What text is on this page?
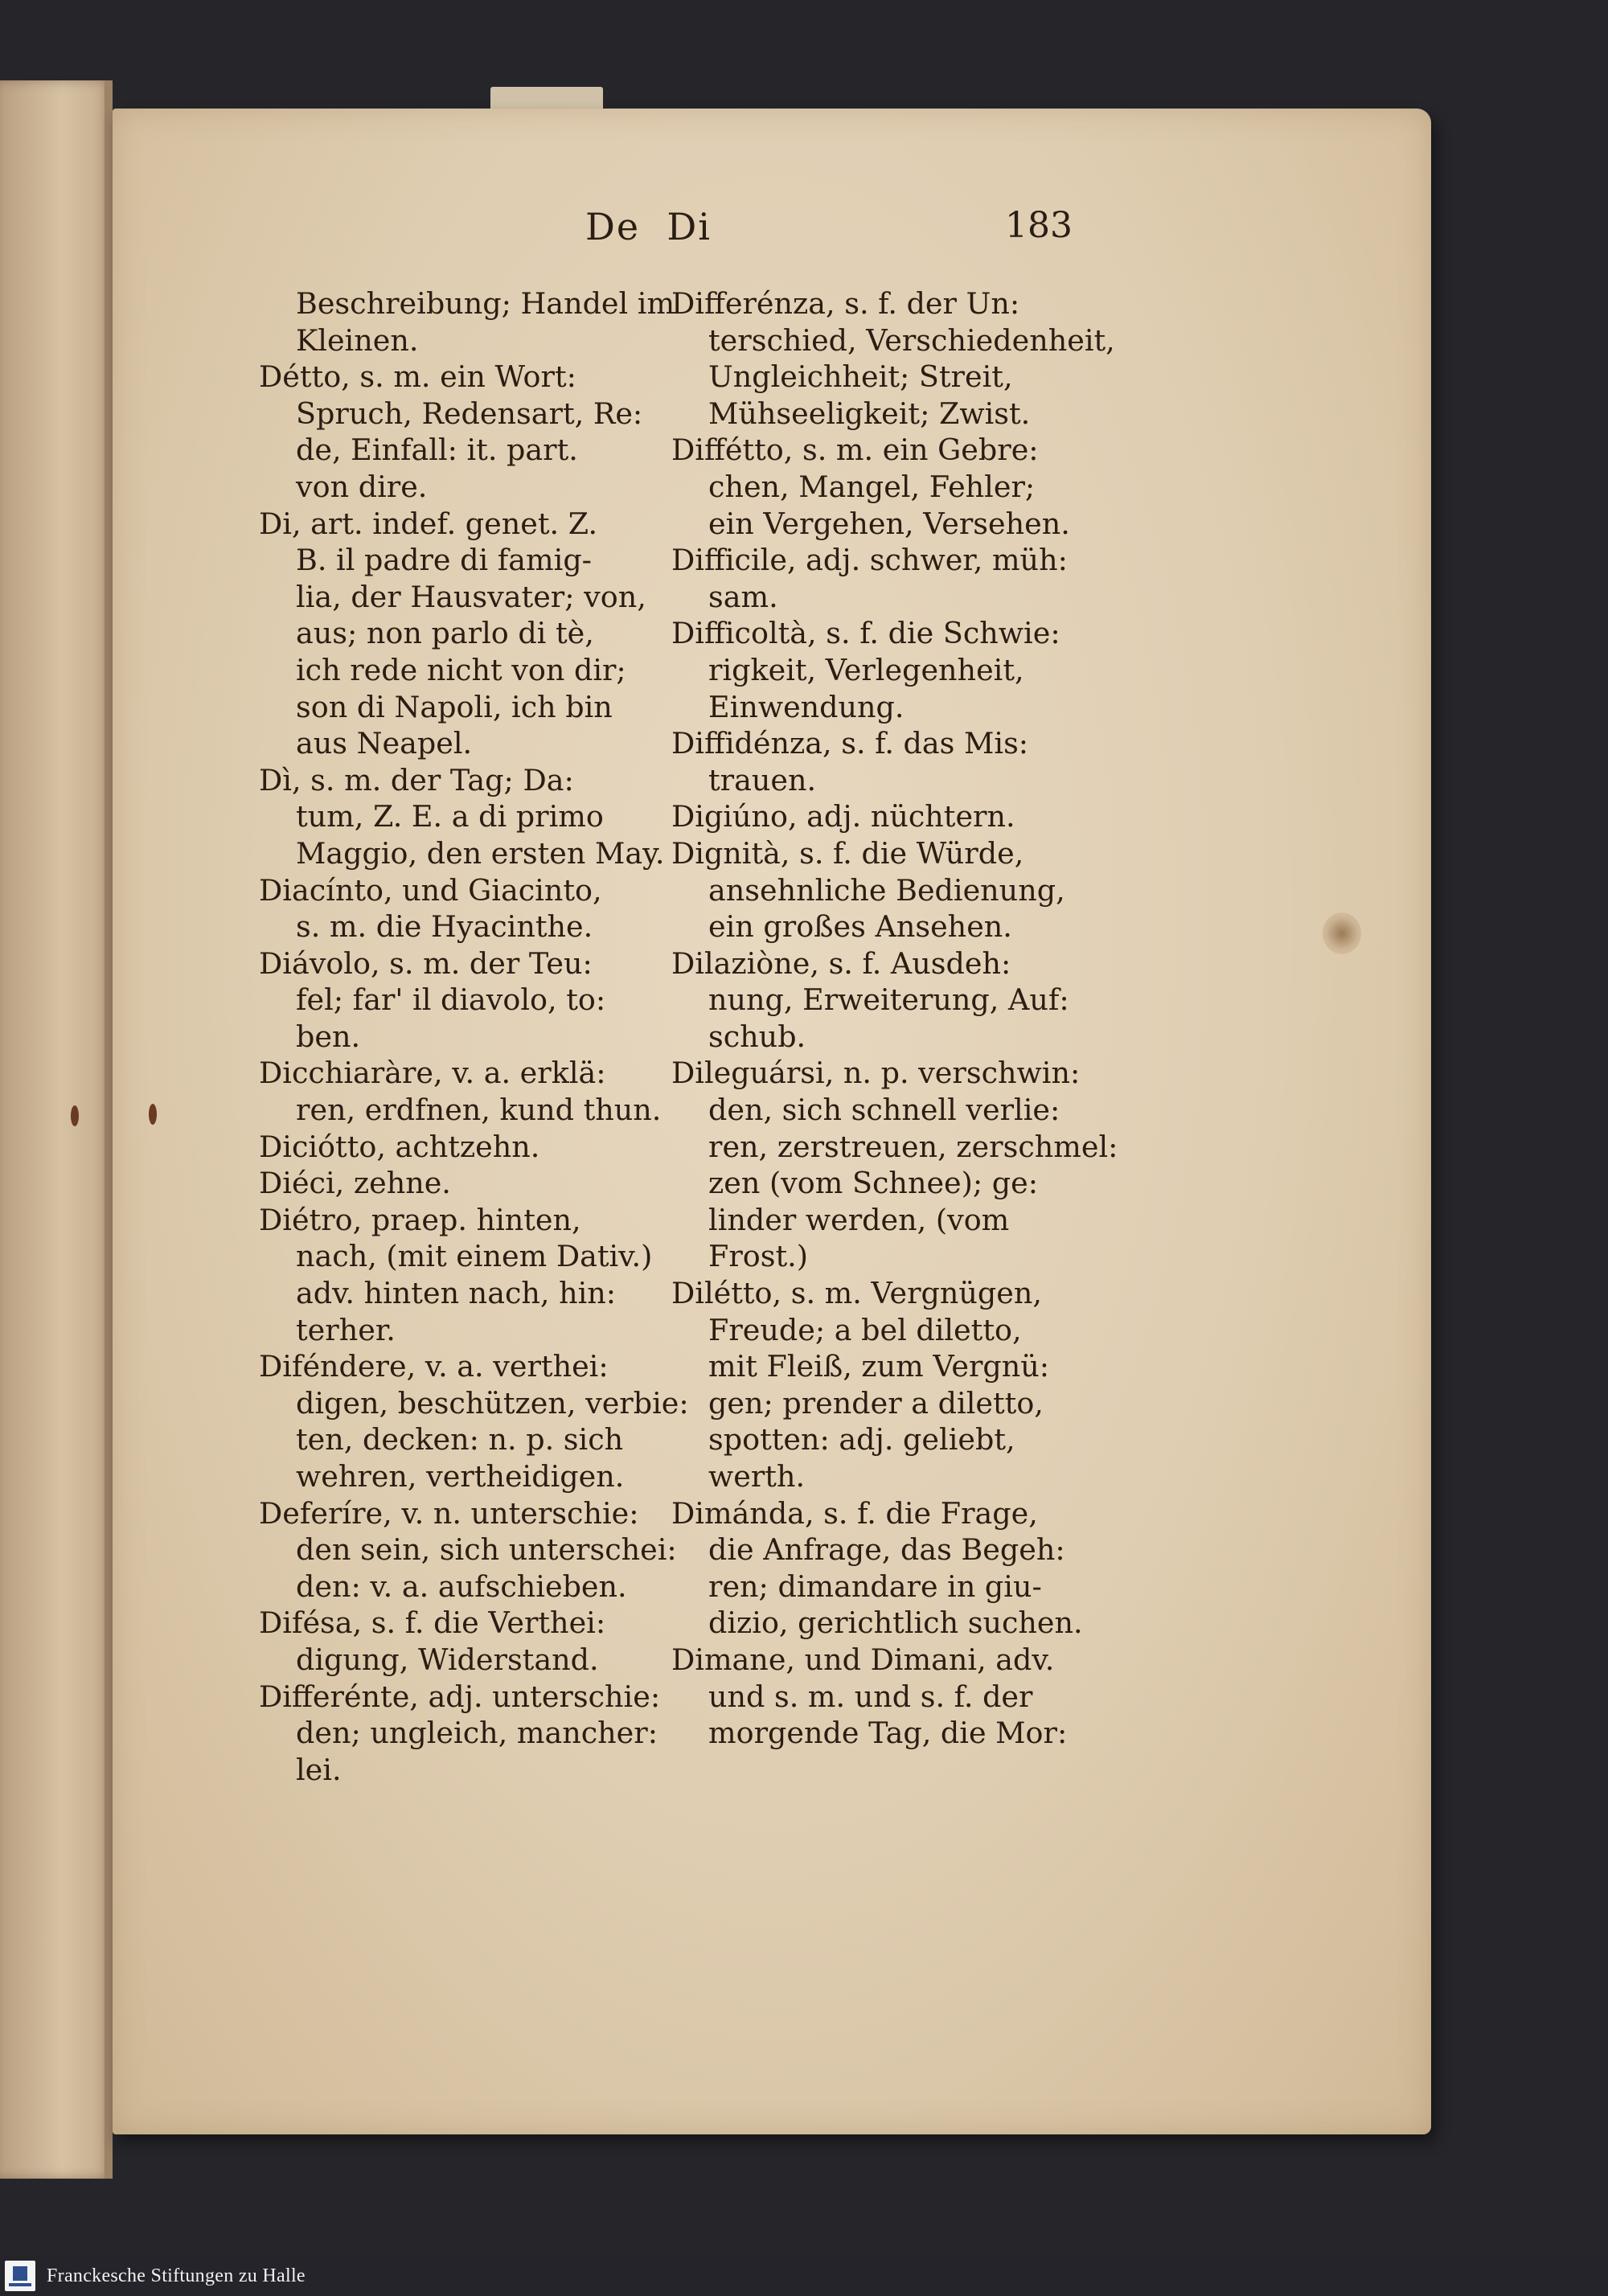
De  Di	183
Beschreibung; Handel im
Kleinen.
Détto, s. m. ein Wort:
Spruch, Redensart, Re:
de, Einfall: it. part.
von dire.
Di, art. indef. genet. Z.
B. il padre di famig-
lia, der Hausvater; von,
aus; non parlo di tè,
ich rede nicht von dir;
son di Napoli, ich bin
aus Neapel.
Dì, s. m. der Tag; Da:
tum, Z. E. a di primo
Maggio, den ersten May.
Diacínto, und Giacinto,
s. m. die Hyacinthe.
Diávolo, s. m. der Teu:
fel; far' il diavolo, to:
ben.
Dicchiaràre, v. a. erklä:
ren, erdfnen, kund thun.
Diciótto, achtzehn.
Diéci, zehne.
Diétro, praep. hinten,
nach, (mit einem Dativ.)
adv. hinten nach, hin:
terher.
Diféndere, v. a. verthei:
digen, beschützen, verbie:
ten, decken: n. p. sich
wehren, vertheidigen.
Deferíre, v. n. unterschie:
den sein, sich unterschei:
den: v. a. aufschieben.
Difésa, s. f. die Verthei:
digung, Widerstand.
Differénte, adj. unterschie:
den; ungleich, mancher:
lei.
Differénza, s. f. der Un:
terschied, Verschiedenheit,
Ungleichheit; Streit,
Mühseeligkeit; Zwist.
Diffétto, s. m. ein Gebre:
chen, Mangel, Fehler;
ein Vergehen, Versehen.
Difficile, adj. schwer, müh:
sam.
Difficoltà, s. f. die Schwie:
rigkeit, Verlegenheit,
Einwendung.
Diffidénza, s. f. das Mis:
trauen.
Digiúno, adj. nüchtern.
Dignità, s. f. die Würde,
ansehnliche Bedienung,
ein großes Ansehen.
Dilaziòne, s. f. Ausdeh:
nung, Erweiterung, Auf:
schub.
Dileguársi, n. p. verschwin:
den, sich schnell verlie:
ren, zerstreuen, zerschmel:
zen (vom Schnee); ge:
linder werden, (vom
Frost.)
Dilétto, s. m. Vergnügen,
Freude; a bel diletto,
mit Fleiß, zum Vergnü:
gen; prender a diletto,
spotten: adj. geliebt,
werth.
Dimánda, s. f. die Frage,
die Anfrage, das Begeh:
ren; dimandare in giu-
dizio, gerichtlich suchen.
Dimane, und Dimani, adv.
und s. m. und s. f. der
morgende Tag, die Mor:
Franckesche Stiftungen zu Halle
